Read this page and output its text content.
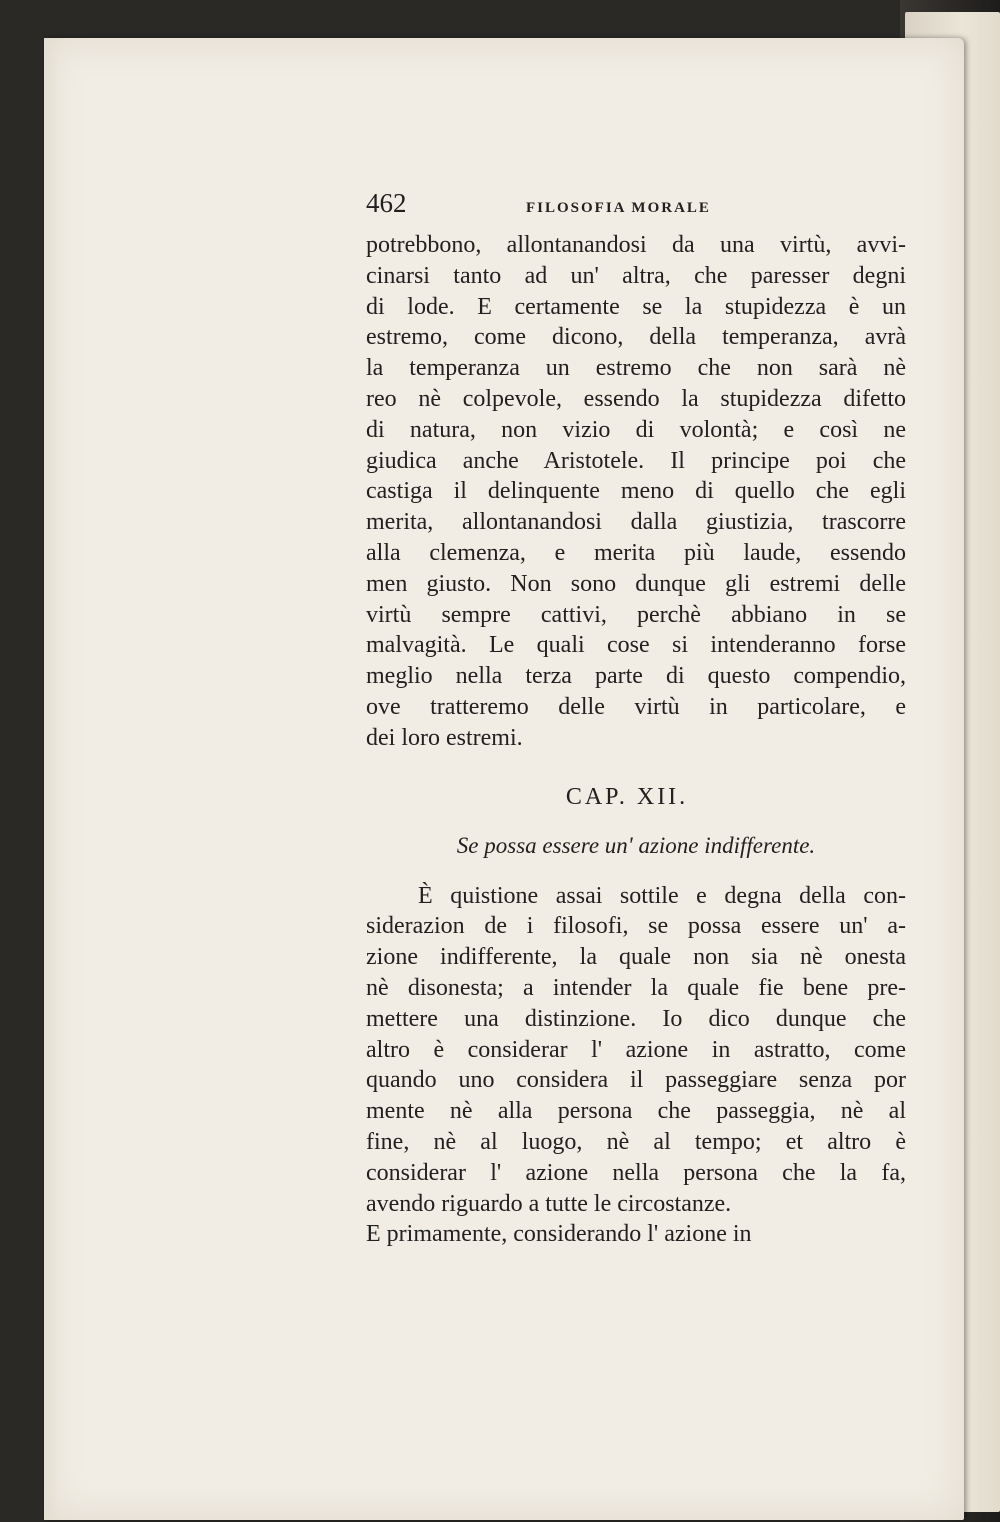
462	FILOSOFIA MORALE
potrebbono, allontanandosi da una virtù, avvi-
cinarsi tanto ad un' altra, che paresser degni
di lode. E certamente se la stupidezza è un
estremo, come dicono, della temperanza, avrà
la temperanza un estremo che non sarà nè
reo nè colpevole, essendo la stupidezza difetto
di natura, non vizio di volontà; e così ne
giudica anche Aristotele. Il principe poi che
castiga il delinquente meno di quello che egli
merita, allontanandosi dalla giustizia, trascorre
alla clemenza, e merita più laude, essendo
men giusto. Non sono dunque gli estremi delle
virtù sempre cattivi, perchè abbiano in se
malvagità. Le quali cose si intenderanno forse
meglio nella terza parte di questo compendio,
ove tratteremo delle virtù in particolare, e
dei loro estremi.
CAP. XII.
Se possa essere un' azione indifferente.
È quistione assai sottile e degna della con-
siderazion de i filosofi, se possa essere un' a-
zione indifferente, la quale non sia nè onesta
nè disonesta; a intender la quale fie bene pre-
mettere una distinzione. Io dico dunque che
altro è considerar l' azione in astratto, come
quando uno considera il passeggiare senza por
mente nè alla persona che passeggia, nè al
fine, nè al luogo, nè al tempo; et altro è
considerar l' azione nella persona che la fa,
avendo riguardo a tutte le circostanze.
E primamente, considerando l' azione in
